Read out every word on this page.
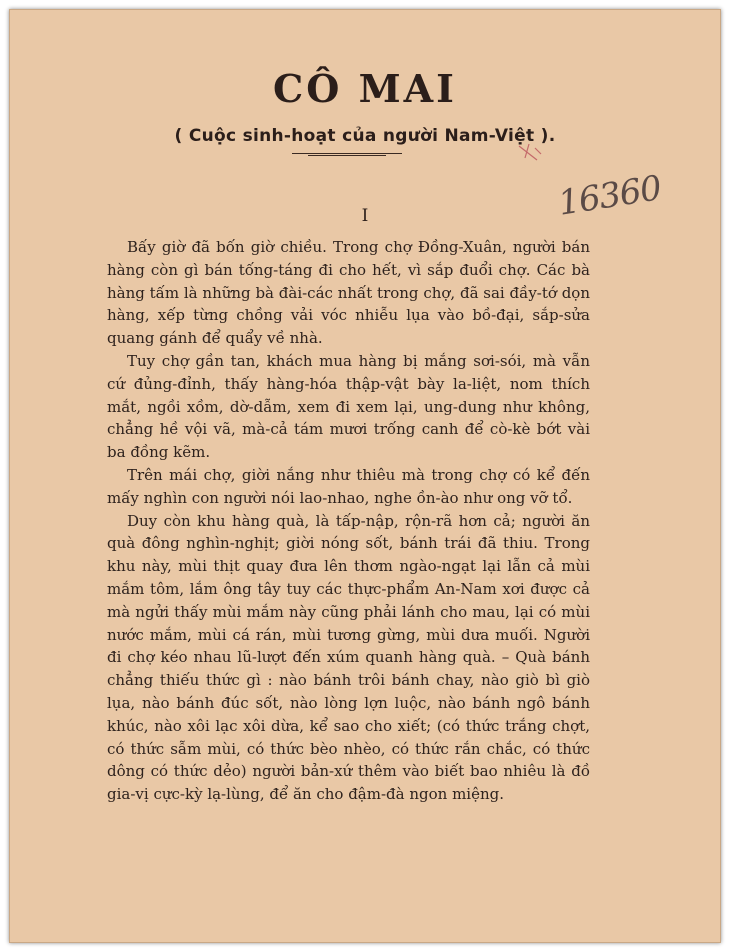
CÔ MAI
( Cuộc sinh-hoạt của người Nam-Việt ).
16360
I

Bấy giờ đã bốn giờ chiều. Trong chợ Đồng-Xuân, người bán hàng còn gì bán tống-táng đi cho hết, vì sắp đuổi chợ. Các bà hàng tấm là những bà đài-các nhất trong chợ, đã sai đầy-tớ dọn hàng, xếp từng chồng vải vóc nhiễu lụa vào bồ-đại, sắp-sửa quang gánh để quẩy về nhà.

Tuy chợ gần tan, khách mua hàng bị mắng sơi-sói, mà vẫn cứ đủng-đỉnh, thấy hàng-hóa thập-vật bày la-liệt, nom thích mắt, ngồi xồm, dờ-dẫm, xem đi xem lại, ung-dung như không, chẳng hề vội vã, mà-cả tám mươi trống canh để cò-kè bớt vài ba đồng kẽm.

Trên mái chợ, giời nắng như thiêu mà trong chợ có kể đến mấy nghìn con người nói lao-nhao, nghe ồn-ào như ong vỡ tổ.

Duy còn khu hàng quà, là tấp-nập, rộn-rã hơn cả; người ăn quà đông nghìn-nghịt; giời nóng sốt, bánh trái đã thiu. Trong khu này, mùi thịt quay đưa lên thơm ngào-ngạt lại lẫn cả mùi mắm tôm, lắm ông tây tuy các thực-phẩm An-Nam xơi được cả mà ngửi thấy mùi mắm này cũng phải lánh cho mau, lại có mùi nước mắm, mùi cá rán, mùi tương gừng, mùi dưa muối. Người đi chợ kéo nhau lũ-lượt đến xúm quanh hàng quà. – Quà bánh chẳng thiếu thức gì : nào bánh trôi bánh chay, nào giò bì giò lụa, nào bánh đúc sốt, nào lòng lợn luộc, nào bánh ngô bánh khúc, nào xôi lạc xôi dừa, kể sao cho xiết; (có thức trắng chợt, có thức sẫm mùi, có thức bèo nhèo, có thức rắn chắc, có thức dông có thức dẻo) người bản-xứ thêm vào biết bao nhiêu là đồ gia-vị cực-kỳ lạ-lùng, để ăn cho đậm-đà ngon miệng.
